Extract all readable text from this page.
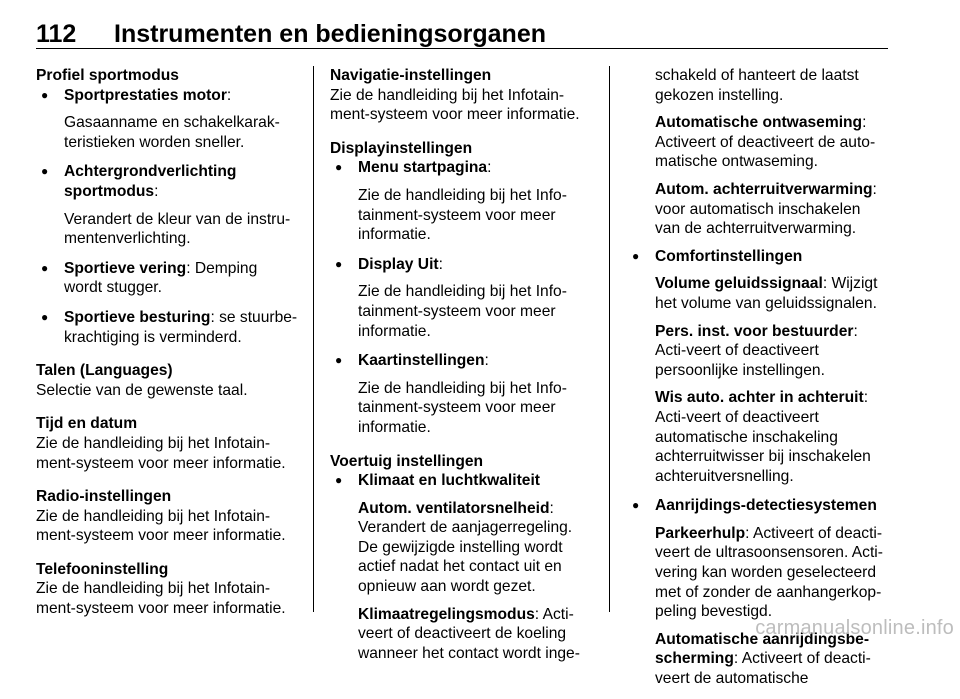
112 Instrumenten en bedieningsorganen
Profiel sportmodus
● Sportprestaties motor:
Gasaanname en schakelkarak-teristieken worden sneller.
● Achtergrondverlichting sportmodus:
Verandert de kleur van de instru-mentenverlichting.
● Sportieve vering: Demping wordt stugger.
● Sportieve besturing: se stuurbe-krachtiging is verminderd.
Talen (Languages)
Selectie van de gewenste taal.
Tijd en datum
Zie de handleiding bij het Infotain-ment-systeem voor meer informatie.
Radio-instellingen
Zie de handleiding bij het Infotain-ment-systeem voor meer informatie.
Telefooninstelling
Zie de handleiding bij het Infotain-ment-systeem voor meer informatie.
Navigatie-instellingen
Zie de handleiding bij het Infotain-ment-systeem voor meer informatie.
Displayinstellingen
● Menu startpagina:
Zie de handleiding bij het Info-tainment-systeem voor meer informatie.
● Display Uit:
Zie de handleiding bij het Info-tainment-systeem voor meer informatie.
● Kaartinstellingen:
Zie de handleiding bij het Info-tainment-systeem voor meer informatie.
Voertuig instellingen
● Klimaat en luchtkwaliteit
Autom. ventilatorsnelheid: Verandert de aanjagerregeling. De gewijzigde instelling wordt actief nadat het contact uit en opnieuw aan wordt gezet.
Klimaatregelingsmodus: Acti-veert of deactiveert de koeling wanneer het contact wordt inge-
schakeld of hanteert de laatst gekozen instelling.
Automatische ontwaseming: Activeert of deactiveert de auto-matische ontwaseming.
Autom. achterruitverwarming: voor automatisch inschakelen van de achterruitverwarming.
● Comfortinstellingen
Volume geluidssignaal: Wijzigt het volume van geluidssignalen.
Pers. inst. voor bestuurder: Acti-veert of deactiveert persoonlijke instellingen.
Wis auto. achter in achteruit: Acti-veert of deactiveert automatische inschakeling achterruitwisser bij inschakelen achteruitversnelling.
● Aanrijdings-detectiesystemen
Parkeerhulp: Activeert of deacti-veert de ultrasoonsensoren. Acti-vering kan worden geselecteerd met of zonder de aanhangerkop-peling bevestigd.
Automatische aanrijdingsbe-scherming: Activeert of deacti-veert de automatische
carmanualsonline.info
